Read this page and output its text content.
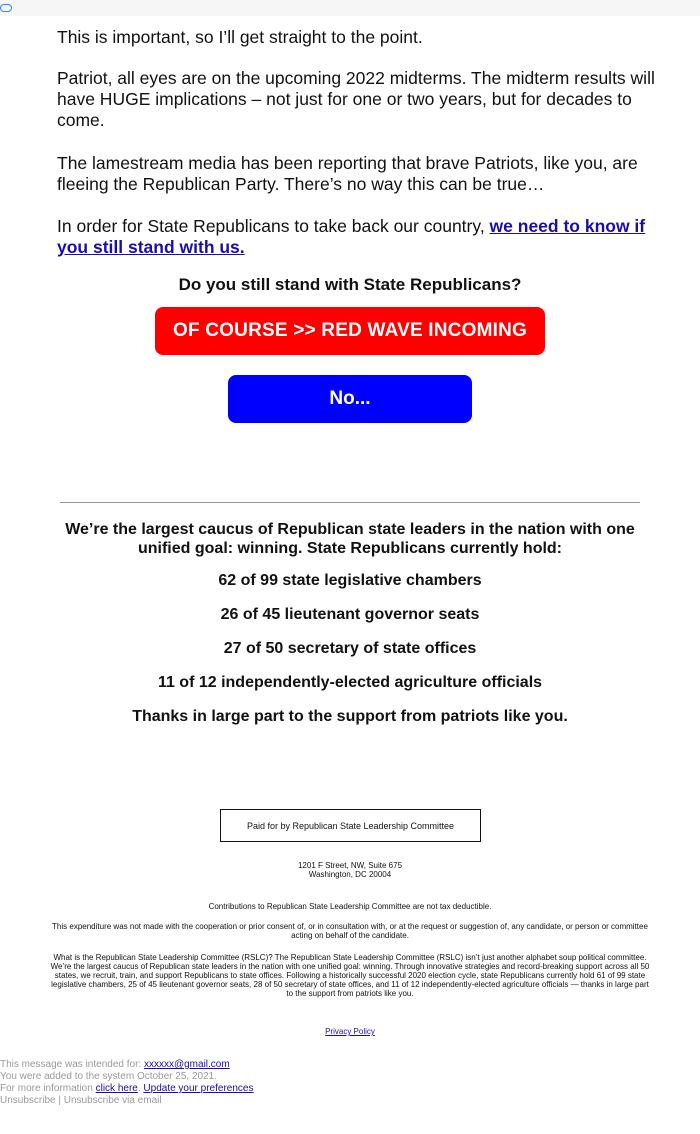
This is important, so I’ll get straight to the point.
Patriot, all eyes are on the upcoming 2022 midterms. The midterm results will have HUGE implications – not just for one or two years, but for decades to come.
The lamestream media has been reporting that brave Patriots, like you, are fleeing the Republican Party. There’s no way this can be true…
In order for State Republicans to take back our country, we need to know if you still stand with us.
Do you still stand with State Republicans?
OF COURSE >> RED WAVE INCOMING
No...
We’re the largest caucus of Republican state leaders in the nation with one unified goal: winning. State Republicans currently hold:
62 of 99 state legislative chambers
26 of 45 lieutenant governor seats
27 of 50 secretary of state offices
11 of 12 independently-elected agriculture officials
Thanks in large part to the support from patriots like you.
Paid for by Republican State Leadership Committee
1201 F Street, NW, Suite 675
Washington, DC 20004
Contributions to Republican State Leadership Committee are not tax deductible.
This expenditure was not made with the cooperation or prior consent of, or in consultation with, or at the request or suggestion of, any candidate, or person or committee acting on behalf of the candidate.
What is the Republican State Leadership Committee (RSLC)? The Republican State Leadership Committee (RSLC) isn’t just another alphabet soup political committee. We’re the largest caucus of Republican state leaders in the nation with one unified goal: winning. Through innovative strategies and record-breaking support across all 50 states, we recruit, train, and support Republicans to state offices. Following a historically successful 2020 election cycle, state Republicans currently hold 61 of 99 state legislative chambers, 25 of 45 lieutenant governor seats, 28 of 50 secretary of state offices, and 11 of 12 independently-elected agriculture officials — thanks in large part to the support from patriots like you.
Privacy Policy
This message was intended for: xxxxxx@gmail.com
You were added to the system October 25, 2021.
For more information click here. Update your preferences
Unsubscribe | Unsubscribe via email
